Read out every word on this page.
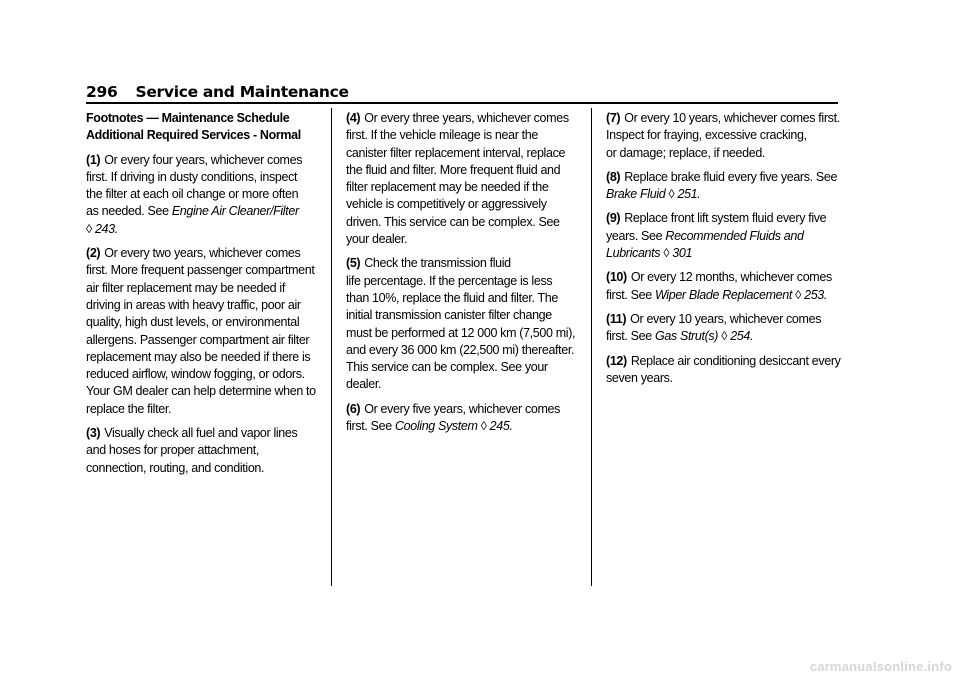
296 Service and Maintenance

Footnotes — Maintenance Schedule
Additional Required Services - Normal

(1) Or every four years, whichever comes
first. If driving in dusty conditions, inspect
the filter at each oil change or more often
as needed. See Engine Air Cleaner/Filter
◊ 243.

(2) Or every two years, whichever comes
first. More frequent passenger compartment
air filter replacement may be needed if
driving in areas with heavy traffic, poor air
quality, high dust levels, or environmental
allergens. Passenger compartment air filter
replacement may also be needed if there is
reduced airflow, window fogging, or odors.
Your GM dealer can help determine when to
replace the filter.

(3) Visually check all fuel and vapor lines
and hoses for proper attachment,
connection, routing, and condition.

(4) Or every three years, whichever comes
first. If the vehicle mileage is near the
canister filter replacement interval, replace
the fluid and filter. More frequent fluid and
filter replacement may be needed if the
vehicle is competitively or aggressively
driven. This service can be complex. See
your dealer.

(5) Check the transmission fluid
life percentage. If the percentage is less
than 10%, replace the fluid and filter. The
initial transmission canister filter change
must be performed at 12 000 km (7,500 mi),
and every 36 000 km (22,500 mi) thereafter.
This service can be complex. See your
dealer.

(6) Or every five years, whichever comes
first. See Cooling System ◊ 245.

(7) Or every 10 years, whichever comes first.
Inspect for fraying, excessive cracking,
or damage; replace, if needed.

(8) Replace brake fluid every five years. See
Brake Fluid ◊ 251.

(9) Replace front lift system fluid every five
years. See Recommended Fluids and
Lubricants ◊ 301

(10) Or every 12 months, whichever comes
first. See Wiper Blade Replacement ◊ 253.

(11) Or every 10 years, whichever comes
first. See Gas Strut(s) ◊ 254.

(12) Replace air conditioning desiccant every
seven years.

carmanualsonline.info
